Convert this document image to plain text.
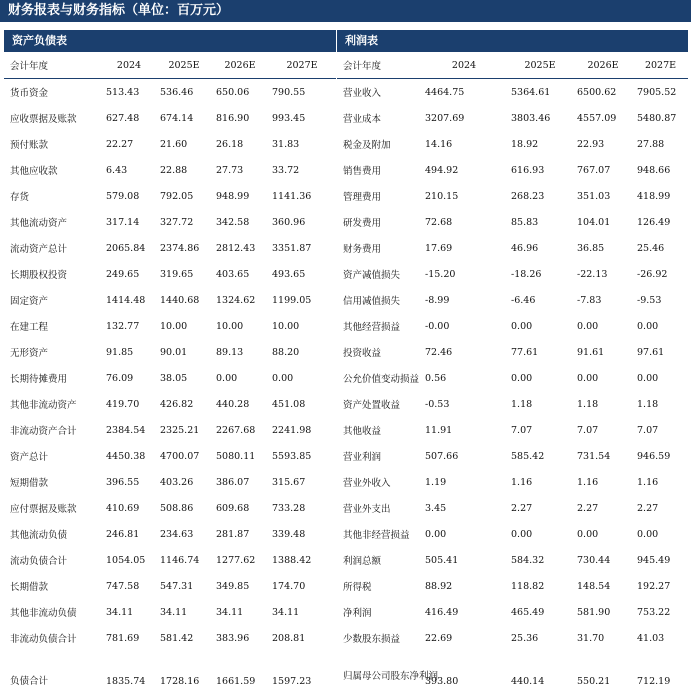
财务报表与财务指标（单位：百万元）
资产负债表	利润表
会计年度	2024	2025E	2026E	2027E
货币资金	513.43	536.46	650.06	790.55
应收票据及账款	627.48	674.14	816.90	993.45
预付账款	22.27	21.60	26.18	31.83
其他应收款	6.43	22.88	27.73	33.72
存货	579.08	792.05	948.99	1141.36
其他流动资产	317.14	327.72	342.58	360.96
流动资产总计	2065.84	2374.86	2812.43	3351.87
长期股权投资	249.65	319.65	403.65	493.65
固定资产	1414.48	1440.68	1324.62	1199.05
在建工程	132.77	10.00	10.00	10.00
无形资产	91.85	90.01	89.13	88.20
长期待摊费用	76.09	38.05	0.00	0.00
其他非流动资产	419.70	426.82	440.28	451.08
非流动资产合计	2384.54	2325.21	2267.68	2241.98
资产总计	4450.38	4700.07	5080.11	5593.85
短期借款	396.55	403.26	386.07	315.67
应付票据及账款	410.69	508.86	609.68	733.28
其他流动负债	246.81	234.63	281.87	339.48
流动负债合计	1054.05	1146.74	1277.62	1388.42
长期借款	747.58	547.31	349.85	174.70
其他非流动负债	34.11	34.11	34.11	34.11
非流动负债合计	781.69	581.42	383.96	208.81
负债合计	1835.74	1728.16	1661.59	1597.23
会计年度	2024	2025E	2026E	2027E
营业收入	4464.75	5364.61	6500.62	7905.52
营业成本	3207.69	3803.46	4557.09	5480.87
税金及附加	14.16	18.92	22.93	27.88
销售费用	494.92	616.93	767.07	948.66
管理费用	210.15	268.23	351.03	418.99
研发费用	72.68	85.83	104.01	126.49
财务费用	17.69	46.96	36.85	25.46
资产减值损失	-15.20	-18.26	-22.13	-26.92
信用减值损失	-8.99	-6.46	-7.83	-9.53
其他经营损益	-0.00	0.00	0.00	0.00
投资收益	72.46	77.61	91.61	97.61
公允价值变动损益	0.56	0.00	0.00	0.00
资产处置收益	-0.53	1.18	1.18	1.18
其他收益	11.91	7.07	7.07	7.07
营业利润	507.66	585.42	731.54	946.59
营业外收入	1.19	1.16	1.16	1.16
营业外支出	3.45	2.27	2.27	2.27
其他非经营损益	0.00	0.00	0.00	0.00
利润总额	505.41	584.32	730.44	945.49
所得税	88.92	118.82	148.54	192.27
净利润	416.49	465.49	581.90	753.22
少数股东损益	22.69	25.36	31.70	41.03
归属母公司股东净利润	393.80	440.14	550.21	712.19
